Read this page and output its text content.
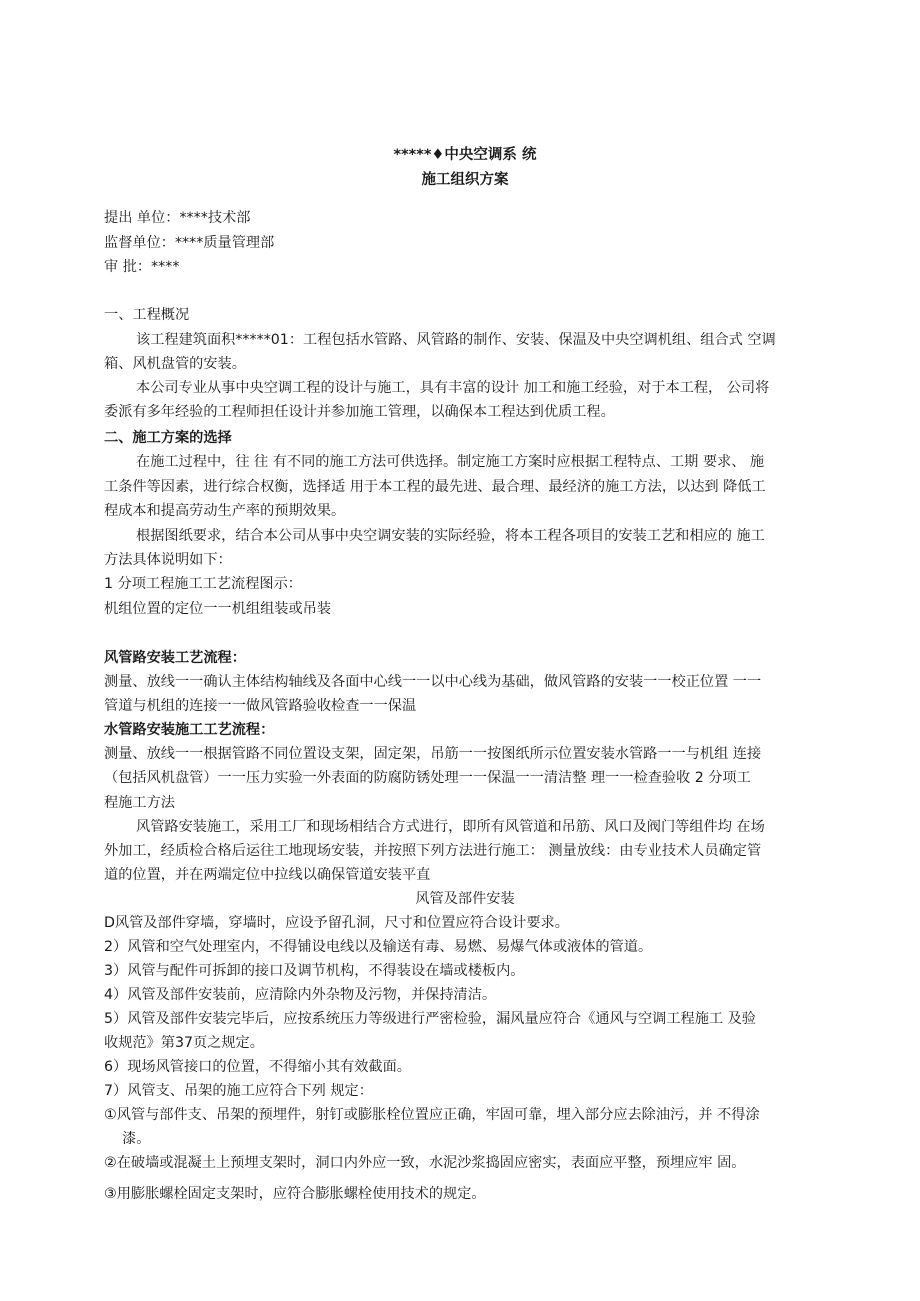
*****♦中央空调系 统
施工组织方案
提出 单位：****技术部
监督单位：****质量管理部
审 批：****
一、工程概况
该工程建筑面积*****01：工程包括水管路、风管路的制作、安装、保温及中央空调机组、组合式 空调
箱、风机盘管的安装。
本公司专业从事中央空调工程的设计与施工，具有丰富的设计 加工和施工经验，对于本工程， 公司将
委派有多年经验的工程师担任设计并参加施工管理，以确保本工程达到优质工程。
二、施工方案的选择
在施工过程中，往 往 有不同的施工方法可供选择。制定施工方案时应根据工程特点、工期 要求、 施
工条件等因素，进行综合权衡，选择适 用于本工程的最先进、最合理、最经济的施工方法，以达到 降低工
程成本和提高劳动生产率的预期效果。
根据图纸要求，结合本公司从事中央空调安装的实际经验，将本工程各项目的安装工艺和相应的 施工
方法具体说明如下：
1 分项工程施工工艺流程图示：
机组位置的定位一一机组组装或吊装
风管路安装工艺流程：
测量、放线一一确认主体结构轴线及各面中心线一一以中心线为基础，做风管路的安装一一校正位置 一一
管道与机组的连接一一做风管路验收检查一一保温
水管路安装施工工艺流程：
测量、放线一一根据管路不同位置设支架，固定架，吊筋一一按图纸所示位置安装水管路一一与机组 连接
（包括风机盘管）一一压力实验一外表面的防腐防锈处理一一保温一一清洁整 理一一检查验收 2 分项工
程施工方法
风管路安装施工，采用工厂和现场相结合方式进行，即所有风管道和吊筋、风口及阀门等组件均 在场
外加工，经质检合格后运往工地现场安装，并按照下列方法进行施工： 测量放线：由专业技术人员确定管
道的位置，并在两端定位中拉线以确保管道安装平直
风管及部件安装
D风管及部件穿墙，穿墙时，应设予留孔洞，尺寸和位置应符合设计要求。
2）风管和空气处理室内，不得铺设电线以及输送有毒、易燃、易爆气体或液体的管道。
3）风管与配件可拆卸的接口及调节机构，不得装设在墙或楼板内。
4）风管及部件安装前，应清除内外杂物及污物，并保持清洁。
5）风管及部件安装完毕后，应按系统压力等级进行严密检验，漏风量应符合《通风与空调工程施工 及验
收规范》第37页之规定。
6）现场风管接口的位置，不得缩小其有效截面。
7）风管支、吊架的施工应符合下列 规定：
①风管与部件支、吊架的预埋件，射钉或膨胀栓位置应正确，牢固可靠，埋入部分应去除油污，并 不得涂
漆。
②在破墙或混凝土上预埋支架时，洞口内外应一致，水泥沙浆捣固应密实，表面应平整，预埋应牢 固。
③用膨胀螺栓固定支架时，应符合膨胀螺栓使用技术的规定。
